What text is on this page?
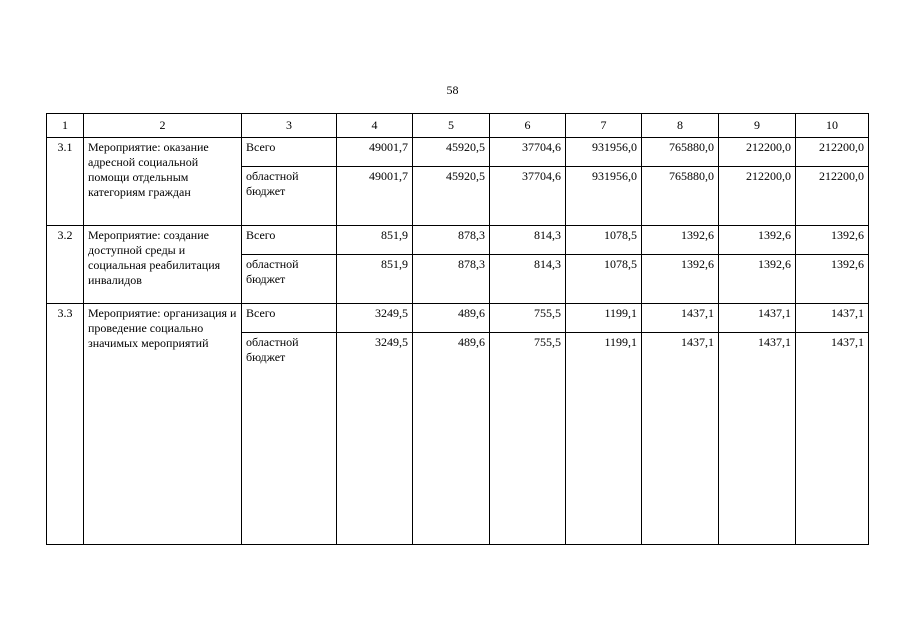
58
1	2	3	4	5	6	7	8	9	10
3.1	Мероприятие: оказание адресной социальной помощи отдельным категориям граждан	Всего	49001,7	45920,5	37704,6	931956,0	765880,0	212200,0	212200,0
		областной бюджет	49001,7	45920,5	37704,6	931956,0	765880,0	212200,0	212200,0
3.2	Мероприятие: создание доступной среды и социальная реабилитация инвалидов	Всего	851,9	878,3	814,3	1078,5	1392,6	1392,6	1392,6
		областной бюджет	851,9	878,3	814,3	1078,5	1392,6	1392,6	1392,6
3.3	Мероприятие: организация и проведение социально значимых мероприятий	Всего	3249,5	489,6	755,5	1199,1	1437,1	1437,1	1437,1
		областной бюджет	3249,5	489,6	755,5	1199,1	1437,1	1437,1	1437,1
